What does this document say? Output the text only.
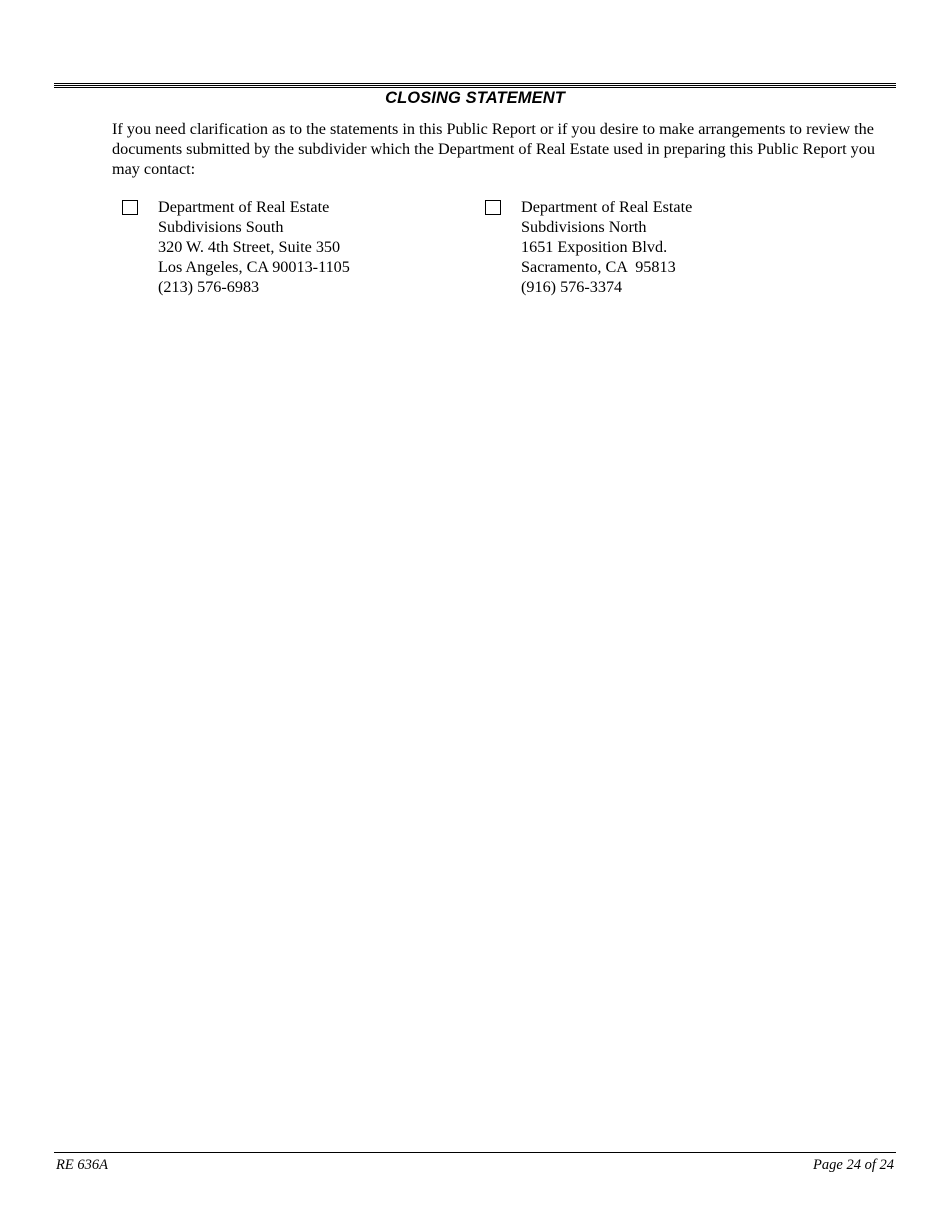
CLOSING STATEMENT
If you need clarification as to the statements in this Public Report or if you desire to make arrangements to review the documents submitted by the subdivider which the Department of Real Estate used in preparing this Public Report you may contact:
Department of Real Estate
Subdivisions South
320 W. 4th Street, Suite 350
Los Angeles, CA 90013-1105
(213) 576-6983
Department of Real Estate
Subdivisions North
1651 Exposition Blvd.
Sacramento, CA  95813
(916) 576-3374
RE 636A	Page 24 of 24
